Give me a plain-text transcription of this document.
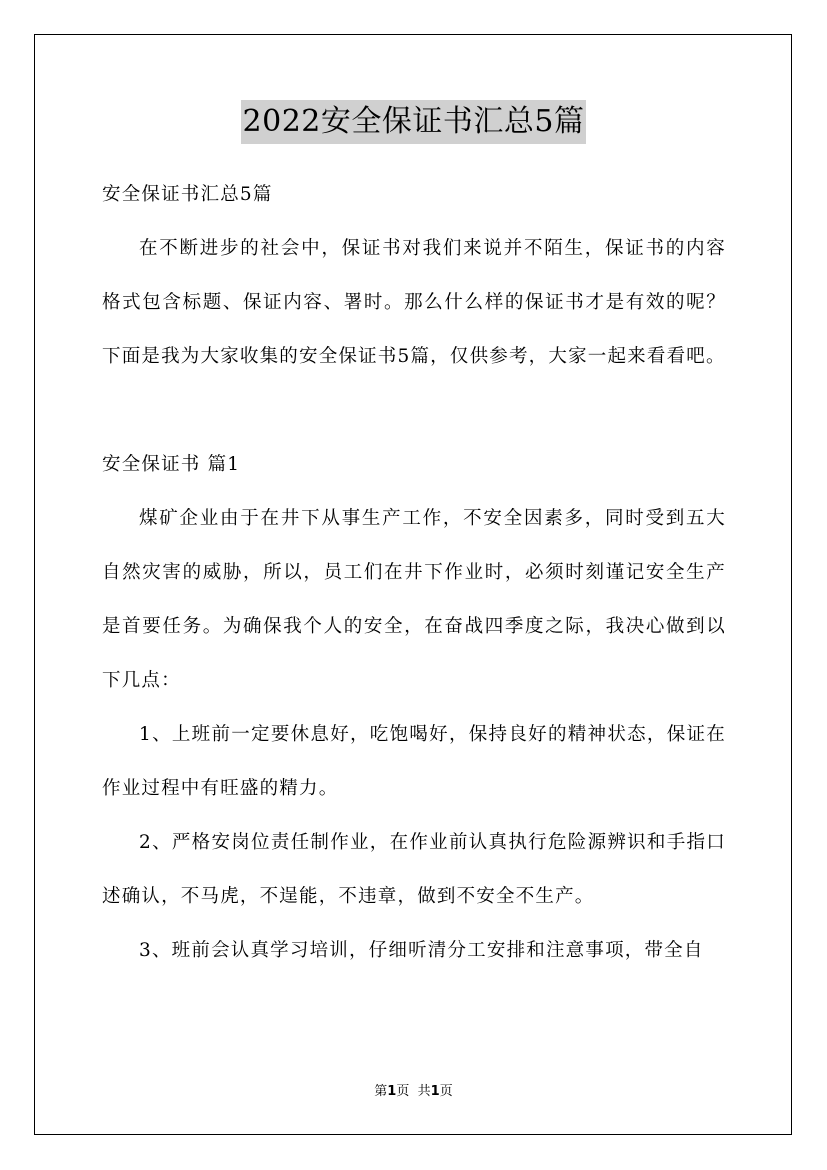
2022安全保证书汇总5篇

安全保证书汇总5篇

在不断进步的社会中，保证书对我们来说并不陌生，保证书的内容格式包含标题、保证内容、署时。那么什么样的保证书才是有效的呢？下面是我为大家收集的安全保证书5篇，仅供参考，大家一起来看看吧。

安全保证书 篇1

煤矿企业由于在井下从事生产工作，不安全因素多，同时受到五大自然灾害的威胁，所以，员工们在井下作业时，必须时刻谨记安全生产是首要任务。为确保我个人的安全，在奋战四季度之际，我决心做到以下几点：

1、上班前一定要休息好，吃饱喝好，保持良好的精神状态，保证在作业过程中有旺盛的精力。

2、严格安岗位责任制作业，在作业前认真执行危险源辨识和手指口述确认，不马虎，不逞能，不违章，做到不安全不生产。

3、班前会认真学习培训，仔细听清分工安排和注意事项，带全自

第1页 共1页
